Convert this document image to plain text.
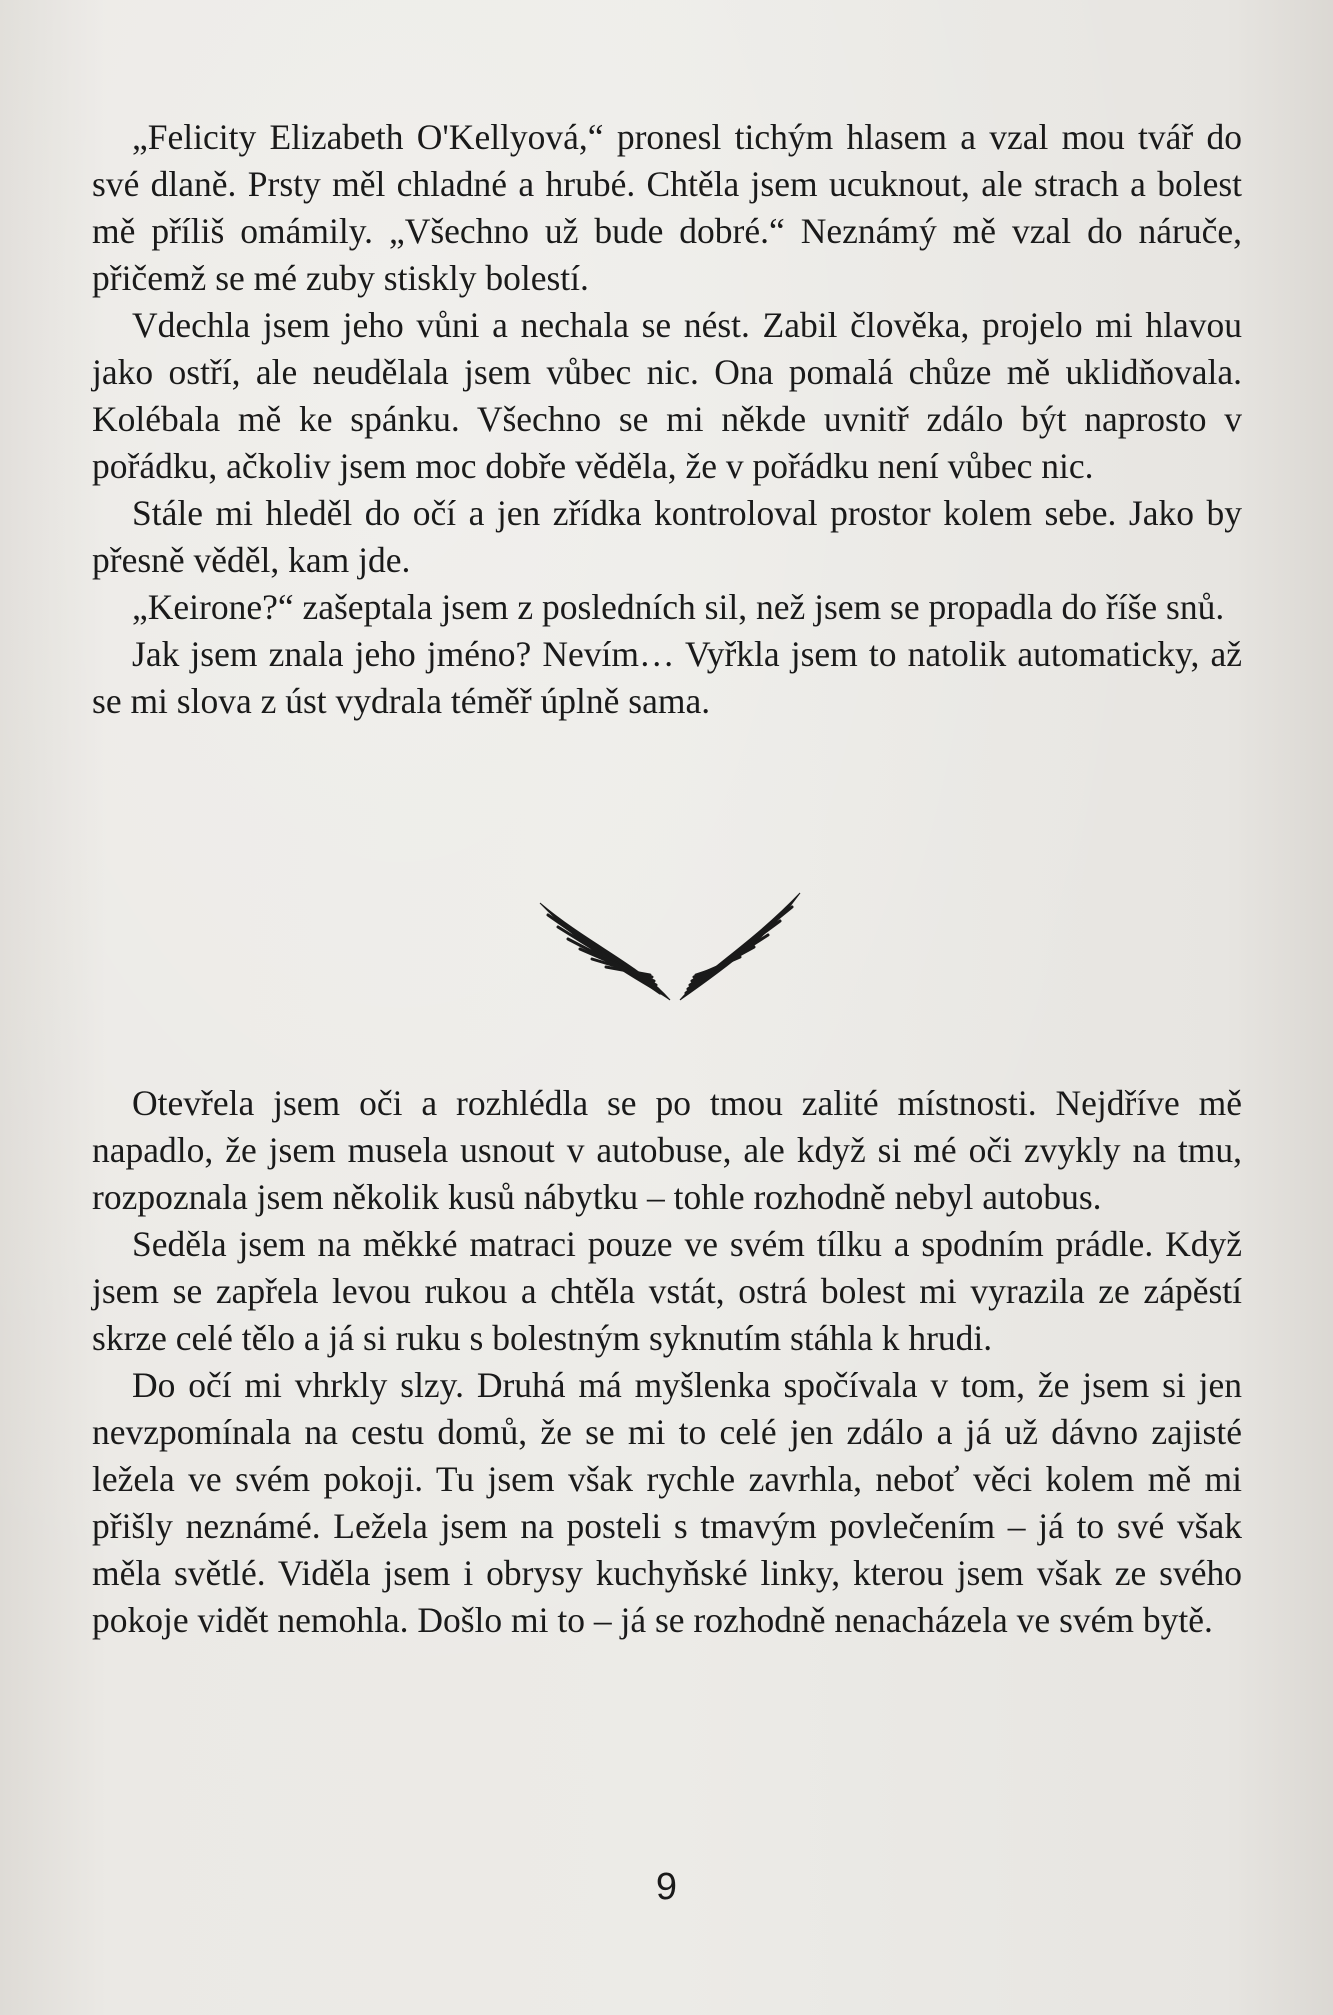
„Felicity Elizabeth O'Kellyová,“ pronesl tichým hlasem a vzal mou tvář do své dlaně. Prsty měl chladné a hrubé. Chtěla jsem ucuknout, ale strach a bolest mě příliš omámily. „Všechno už bude dobré.“ Neznámý mě vzal do náruče, přičemž se mé zuby stiskly bolestí.

Vdechla jsem jeho vůni a nechala se nést. Zabil člověka, projelo mi hlavou jako ostří, ale neudělala jsem vůbec nic. Ona pomalá chůze mě uklidňovala. Kolébala mě ke spánku. Všechno se mi někde uvnitř zdálo být naprosto v pořádku, ačkoliv jsem moc dobře věděla, že v pořádku není vůbec nic.

Stále mi hleděl do očí a jen zřídka kontroloval prostor kolem sebe. Jako by přesně věděl, kam jde.

„Keirone?“ zašeptala jsem z posledních sil, než jsem se propadla do říše snů.

Jak jsem znala jeho jméno? Nevím… Vyřkla jsem to natolik automaticky, až se mi slova z úst vydrala téměř úplně sama.

Otevřela jsem oči a rozhlédla se po tmou zalité místnosti. Nejdříve mě napadlo, že jsem musela usnout v autobuse, ale když si mé oči zvykly na tmu, rozpoznala jsem několik kusů nábytku – tohle rozhodně nebyl autobus.

Seděla jsem na měkké matraci pouze ve svém tílku a spodním prádle. Když jsem se zapřela levou rukou a chtěla vstát, ostrá bolest mi vyrazila ze zápěstí skrze celé tělo a já si ruku s bolestným syknutím stáhla k hrudi.

Do očí mi vhrkly slzy. Druhá má myšlenka spočívala v tom, že jsem si jen nevzpomínala na cestu domů, že se mi to celé jen zdálo a já už dávno zajisté ležela ve svém pokoji. Tu jsem však rychle zavrhla, neboť věci kolem mě mi přišly neznámé. Ležela jsem na posteli s tmavým povlečením – já to své však měla světlé. Viděla jsem i obrysy kuchyňské linky, kterou jsem však ze svého pokoje vidět nemohla. Došlo mi to – já se rozhodně nenacházela ve svém bytě.

9
